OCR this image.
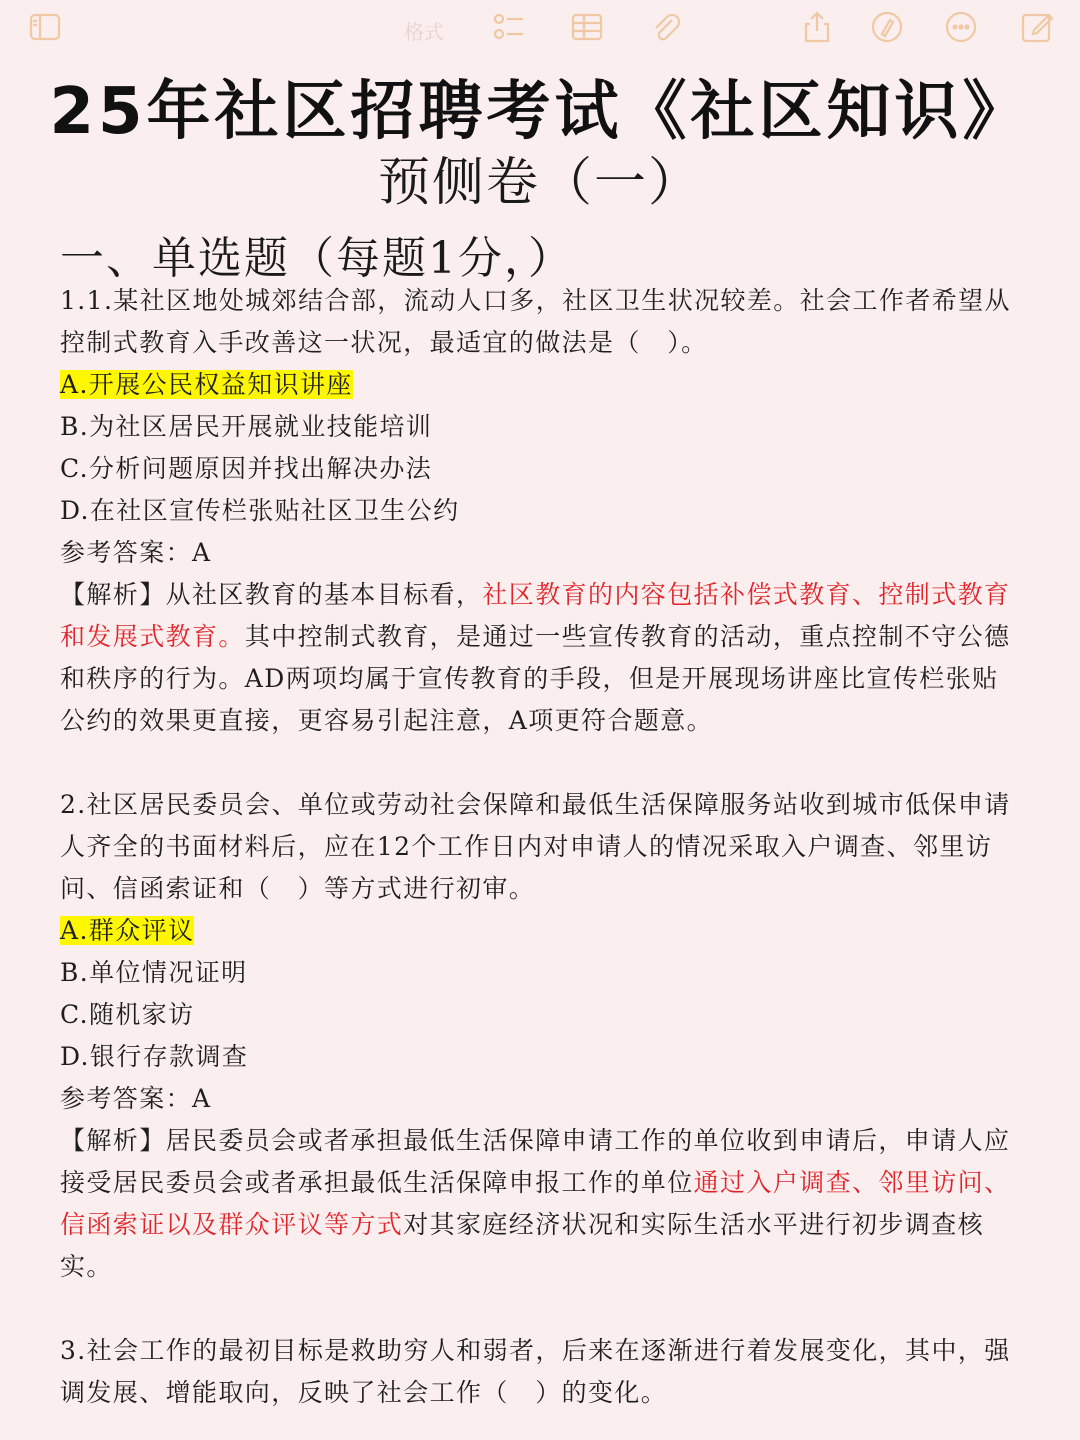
格式
25年社区招聘考试《社区知识》
预侧卷（一）
一、单选题（每题1分，）

1.1.某社区地处城郊结合部，流动人口多，社区卫生状况较差。社会工作者希望从控制式教育入手改善这一状况，最适宜的做法是（　）。

A.开展公民权益知识讲座

B.为社区居民开展就业技能培训

C.分析问题原因并找出解决办法

D.在社区宣传栏张贴社区卫生公约

参考答案：A

【解析】从社区教育的基本目标看，社区教育的内容包括补偿式教育、控制式教育和发展式教育。其中控制式教育，是通过一些宣传教育的活动，重点控制不守公德和秩序的行为。AD两项均属于宣传教育的手段，但是开展现场讲座比宣传栏张贴公约的效果更直接，更容易引起注意，A项更符合题意。

2.社区居民委员会、单位或劳动社会保障和最低生活保障服务站收到城市低保申请人齐全的书面材料后，应在12个工作日内对申请人的情况采取入户调查、邻里访问、信函索证和（　）等方式进行初审。

A.群众评议

B.单位情况证明

C.随机家访

D.银行存款调查

参考答案：A

【解析】居民委员会或者承担最低生活保障申请工作的单位收到申请后，申请人应接受居民委员会或者承担最低生活保障申报工作的单位通过入户调查、邻里访问、信函索证以及群众评议等方式对其家庭经济状况和实际生活水平进行初步调查核实。

3.社会工作的最初目标是救助穷人和弱者，后来在逐渐进行着发展变化，其中，强调发展、增能取向，反映了社会工作（　）的变化。
